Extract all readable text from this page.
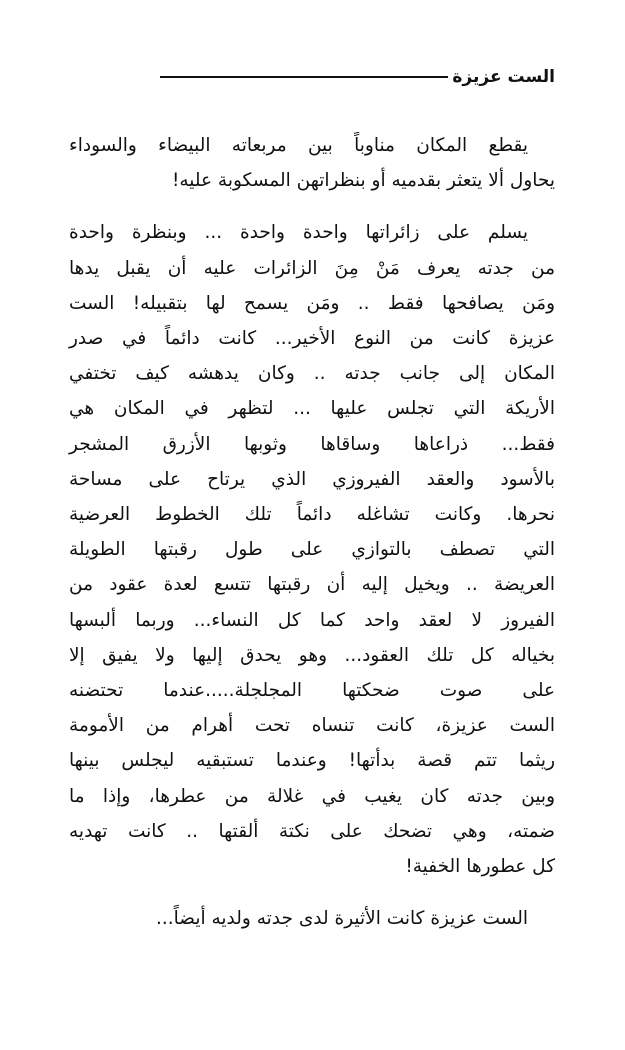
الست عزيزة

يقطع المكان مناوباً بين مربعاته البيضاء والسوداء
يحاول ألا يتعثر بقدميه أو بنظراتهن المسكوبة عليه!

يسلم على زائراتها واحدة واحدة ... وبنظرة واحدة
من جدته يعرف مَنْ مِنَ الزائرات عليه أن يقبل يدها
ومَن يصافحها فقط .. ومَن يسمح لها بتقبيله! الست
عزيزة كانت من النوع الأخير... كانت دائماً في صدر
المكان إلى جانب جدته .. وكان يدهشه كيف تختفي
الأريكة التي تجلس عليها ... لتظهر في المكان هي
فقط... ذراعاها وساقاها وثوبها الأزرق المشجر
بالأسود والعقد الفيروزي الذي يرتاح على مساحة
نحرها. وكانت تشاغله دائماً تلك الخطوط العرضية
التي تصطف بالتوازي على طول رقبتها الطويلة
العريضة .. ويخيل إليه أن رقبتها تتسع لعدة عقود من
الفيروز لا لعقد واحد كما كل النساء... وربما ألبسها
بخياله كل تلك العقود... وهو يحدق إليها ولا يفيق إلا
على صوت ضحكتها المجلجلة.....عندما تحتضنه
الست عزيزة، كانت تنساه تحت أهرام من الأمومة
ريثما تتم قصة بدأتها! وعندما تستبقيه ليجلس بينها
وبين جدته كان يغيب في غلالة من عطرها، وإذا ما
ضمته، وهي تضحك على نكتة ألقتها .. كانت تهديه
كل عطورها الخفية!

الست عزيزة كانت الأثيرة لدى جدته ولديه أيضاً...
